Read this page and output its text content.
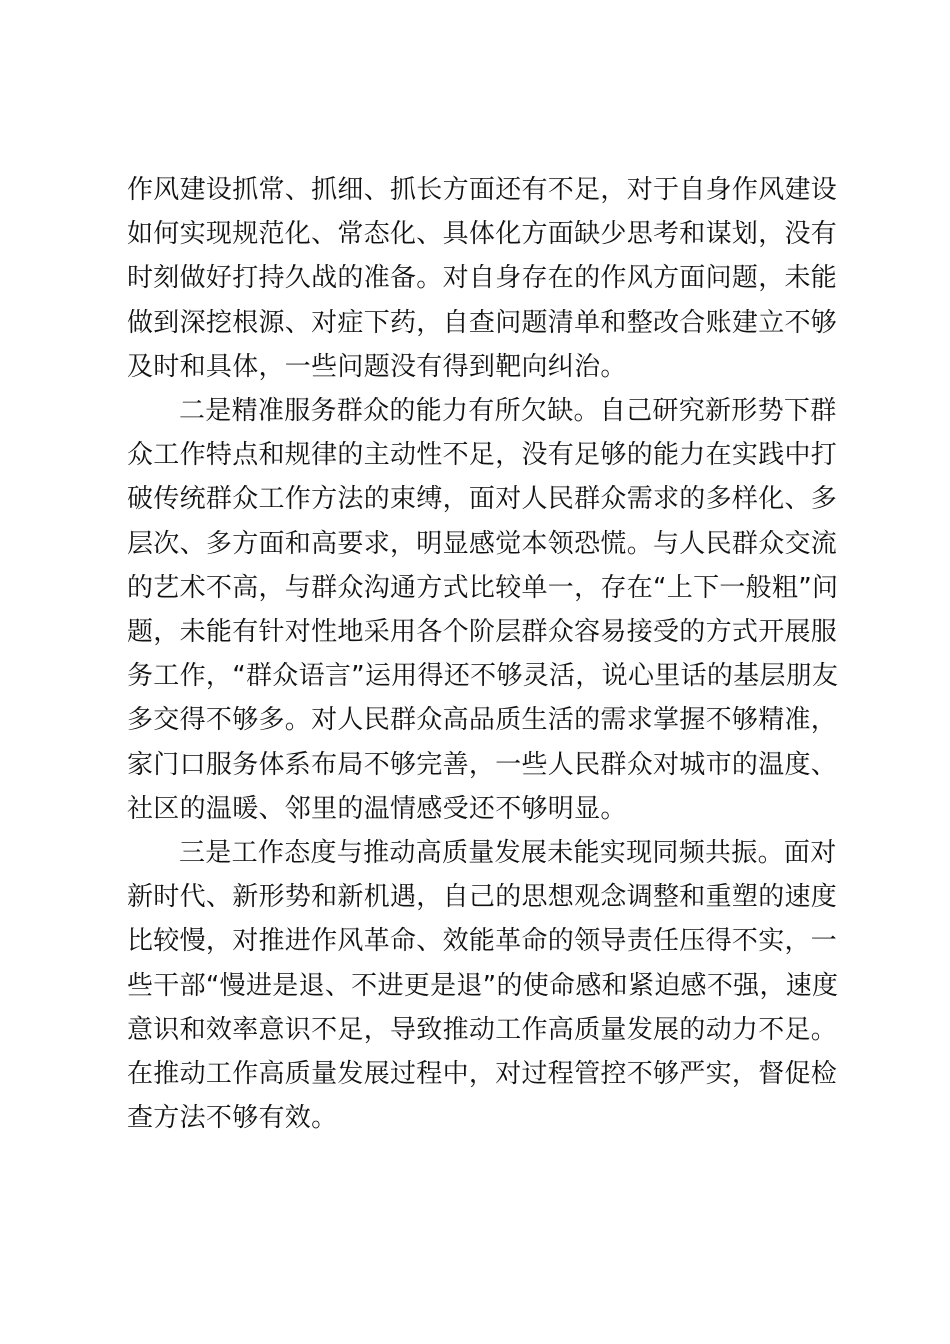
作风建设抓常、抓细、抓长方面还有不足，对于自身作风建设
如何实现规范化、常态化、具体化方面缺少思考和谋划，没有
时刻做好打持久战的准备。对自身存在的作风方面问题，未能
做到深挖根源、对症下药，自查问题清单和整改合账建立不够
及时和具体，一些问题没有得到靶向纠治。
二是精准服务群众的能力有所欠缺。自己研究新形势下群
众工作特点和规律的主动性不足，没有足够的能力在实践中打
破传统群众工作方法的束缚，面对人民群众需求的多样化、多
层次、多方面和高要求，明显感觉本领恐慌。与人民群众交流
的艺术不高，与群众沟通方式比较单一，存在“上下一般粗”问
题，未能有针对性地采用各个阶层群众容易接受的方式开展服
务工作，“群众语言”运用得还不够灵活，说心里话的基层朋友
多交得不够多。对人民群众高品质生活的需求掌握不够精准，
家门口服务体系布局不够完善，一些人民群众对城市的温度、
社区的温暖、邻里的温情感受还不够明显。
三是工作态度与推动高质量发展未能实现同频共振。面对
新时代、新形势和新机遇，自己的思想观念调整和重塑的速度
比较慢，对推进作风革命、效能革命的领导责任压得不实，一
些干部“慢进是退、不进更是退”的使命感和紧迫感不强，速度
意识和效率意识不足，导致推动工作高质量发展的动力不足。
在推动工作高质量发展过程中，对过程管控不够严实，督促检
查方法不够有效。
